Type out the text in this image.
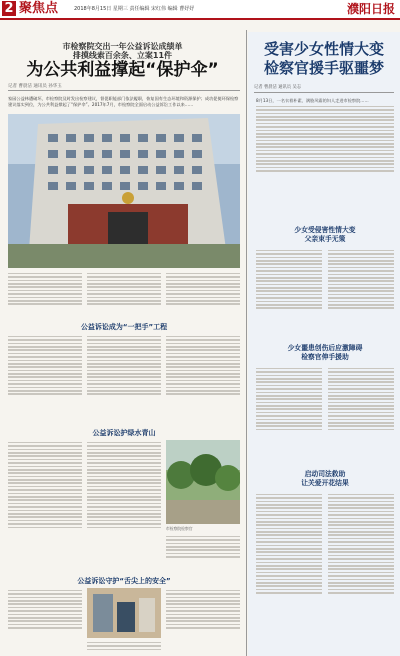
2 聚焦点	2018年8月15日 星期三 责任编辑 宋红伟 编辑 曹妤妤	濮阳日报
市检察院交出一年公益诉讼成绩单
排摸线索百余条、立案11件
为公共利益撑起“保护伞”
记者 曹晨洁 通讯员 孙华玉
家园公益林遭破坏，市检察院及时发出检察建议，督促职能部门依法履职，恢复国有生态环境和资源保护；成功促使环保检察建议落实到位，为公共利益撑起了“保护伞”。2017年7月，市检察院全面启动公益诉讼工作以来……
公益诉讼成为“一把手”工程
公益诉讼护绿水青山
市检察院检察官
公益诉讼守护“舌尖上的安全”
受害少女性情大变
检察官援手驱噩梦
记者 曹晨洁 通讯员 吴志
8月13日，一名衣着朴素、满脸风霜的妇人走进市检察院……
少女受侵害性情大变
父亲束手无策
少女噩患创伤后应激障碍
检察官伸手援助
启动司法救助
让关爱开花结果
